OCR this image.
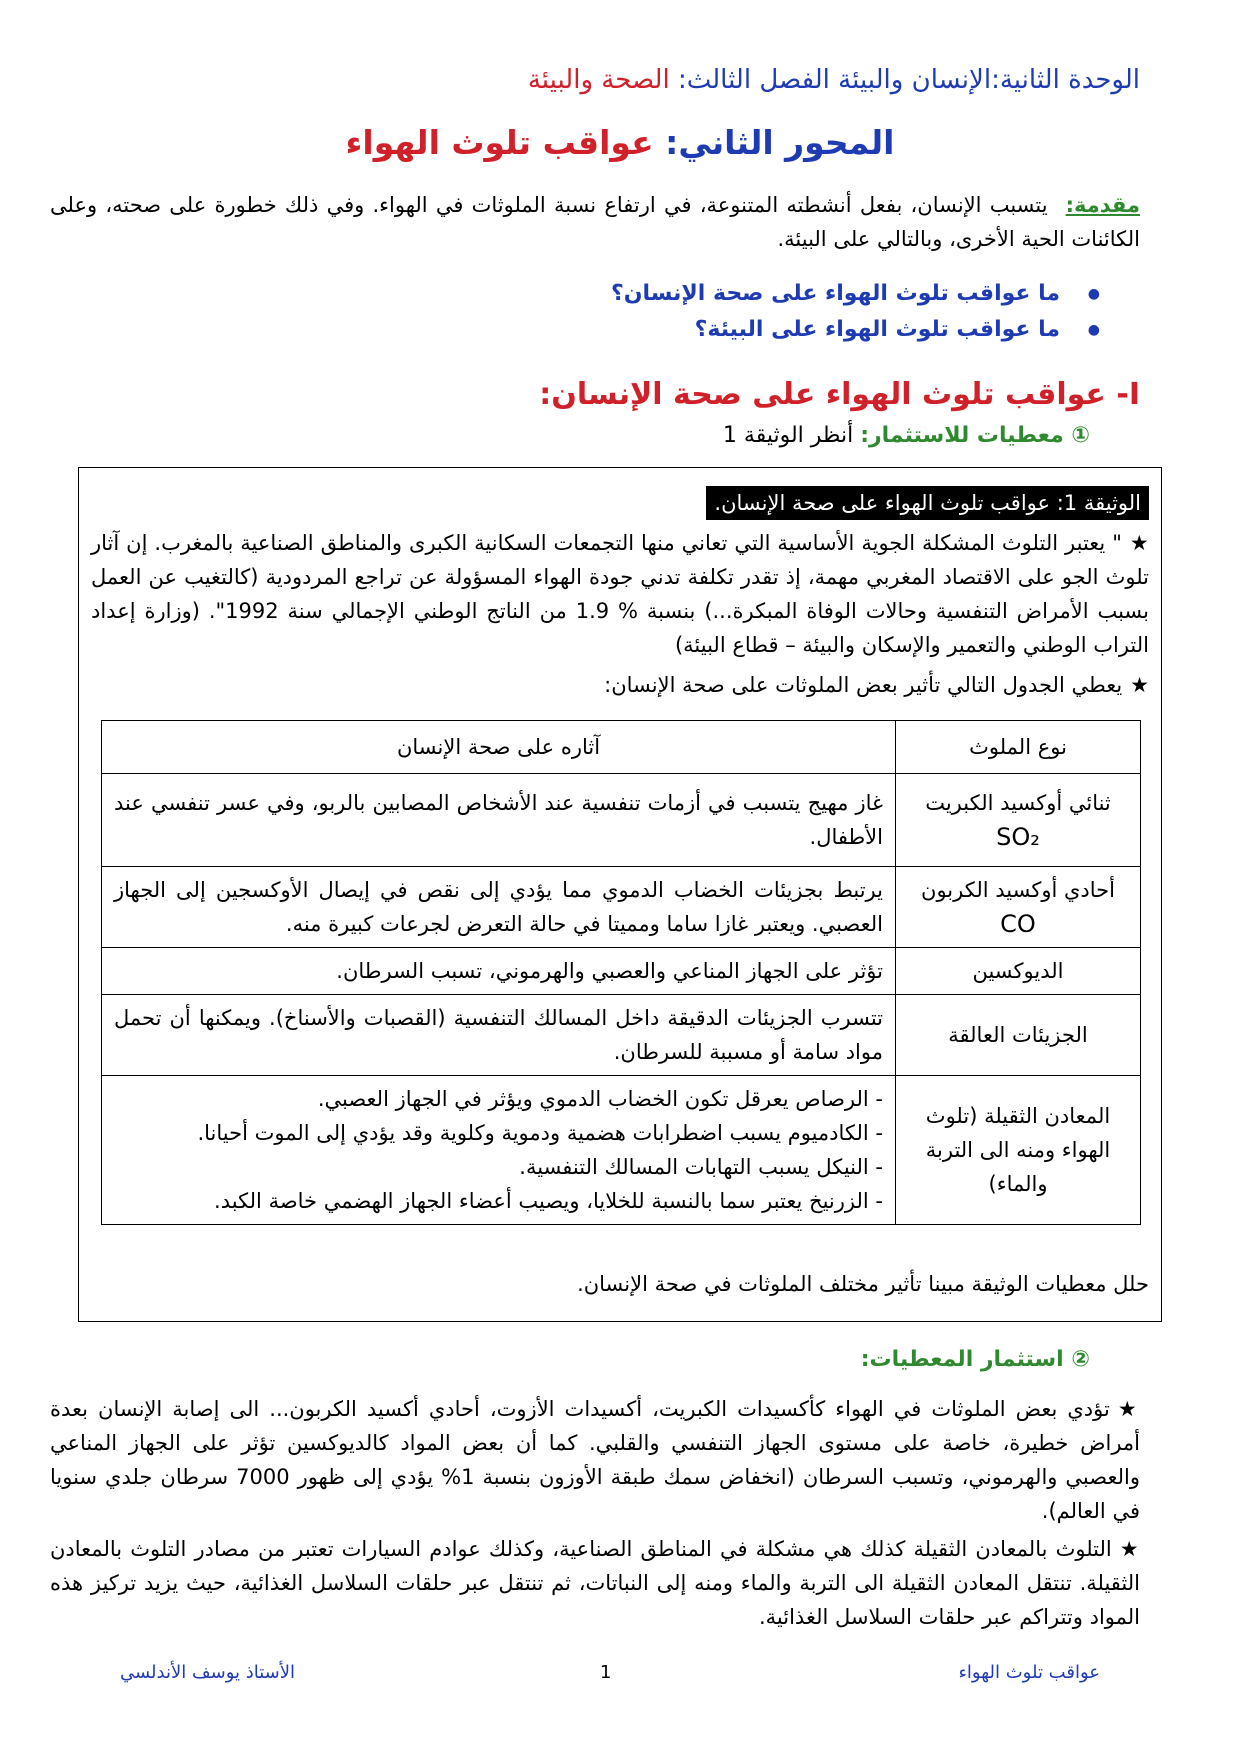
الوحدة الثانية:الإنسان والبيئة الفصل الثالث: الصحة والبيئة
المحور الثاني: عواقب تلوث الهواء
مقدمة:يتسبب الإنسان، بفعل أنشطته المتنوعة، في ارتفاع نسبة الملوثات في الهواء. وفي ذلك خطورة على صحته، وعلى الكائنات الحية الأخرى، وبالتالي على البيئة.
● ما عواقب تلوث الهواء على صحة الإنسان؟
● ما عواقب تلوث الهواء على البيئة؟
I- عواقب تلوث الهواء على صحة الإنسان:
① معطيات للاستثمار: أنظر الوثيقة 1
الوثيقة 1: عواقب تلوث الهواء على صحة الإنسان.
★" يعتبر التلوث المشكلة الجوية الأساسية التي تعاني منها التجمعات السكانية الكبرى والمناطق الصناعية بالمغرب. إن آثار تلوث الجو على الاقتصاد المغربي مهمة، إذ تقدر تكلفة تدني جودة الهواء المسؤولة عن تراجع المردودية (كالتغيب عن العمل بسبب الأمراض التنفسية وحالات الوفاة المبكرة...) بنسبة % 1.9 من الناتج الوطني الإجمالي سنة 1992". (وزارة إعداد التراب الوطني والتعمير والإسكان والبيئة – قطاع البيئة)
★يعطي الجدول التالي تأثير بعض الملوثات على صحة الإنسان:
نوع الملوث	آثاره على صحة الإنسان

ثنائي أوكسيد الكبريت
SO₂	غاز مهيج يتسبب في أزمات تنفسية عند الأشخاص المصابين بالربو، وفي عسر تنفسي عند الأطفال.

أحادي أوكسيد الكربون
CO	يرتبط بجزيئات الخضاب الدموي مما يؤدي إلى نقص في إيصال الأوكسجين إلى الجهاز العصبي. ويعتبر غازا ساما ومميتا في حالة التعرض لجرعات كبيرة منه.
الديوكسين	تؤثر على الجهاز المناعي والعصبي والهرموني، تسبب السرطان.
الجزيئات العالقة	تتسرب الجزيئات الدقيقة داخل المسالك التنفسية (القصبات والأسناخ). ويمكنها أن تحمل مواد سامة أو مسببة للسرطان.
المعادن الثقيلة (تلوث الهواء ومنه الى التربة والماء)	- الرصاص يعرقل تكون الخضاب الدموي ويؤثر في الجهاز العصبي.
- الكادميوم يسبب اضطرابات هضمية ودموية وكلوية وقد يؤدي إلى الموت أحيانا.
- النيكل يسبب التهابات المسالك التنفسية.
- الزرنيخ يعتبر سما بالنسبة للخلايا، ويصيب أعضاء الجهاز الهضمي خاصة الكبد.
حلل معطيات الوثيقة مبينا تأثير مختلف الملوثات في صحة الإنسان.
② استثمار المعطيات:
★تؤدي بعض الملوثات في الهواء كأكسيدات الكبريت، أكسيدات الأزوت، أحادي أكسيد الكربون... الى إصابة الإنسان بعدة أمراض خطيرة، خاصة على مستوى الجهاز التنفسي والقلبي. كما أن بعض المواد كالديوكسين تؤثر على الجهاز المناعي والعصبي والهرموني، وتسبب السرطان (انخفاض سمك طبقة الأوزون بنسبة 1% يؤدي إلى ظهور 7000 سرطان جلدي سنويا في العالم).
★التلوث بالمعادن الثقيلة كذلك هي مشكلة في المناطق الصناعية، وكذلك عوادم السيارات تعتبر من مصادر التلوث بالمعادن الثقيلة. تنتقل المعادن الثقيلة الى التربة والماء ومنه إلى النباتات، ثم تنتقل عبر حلقات السلاسل الغذائية، حيث يزيد تركيز هذه المواد وتتراكم عبر حلقات السلاسل الغذائية.
عواقب تلوث الهواء
1
الأستاذ يوسف الأندلسي
